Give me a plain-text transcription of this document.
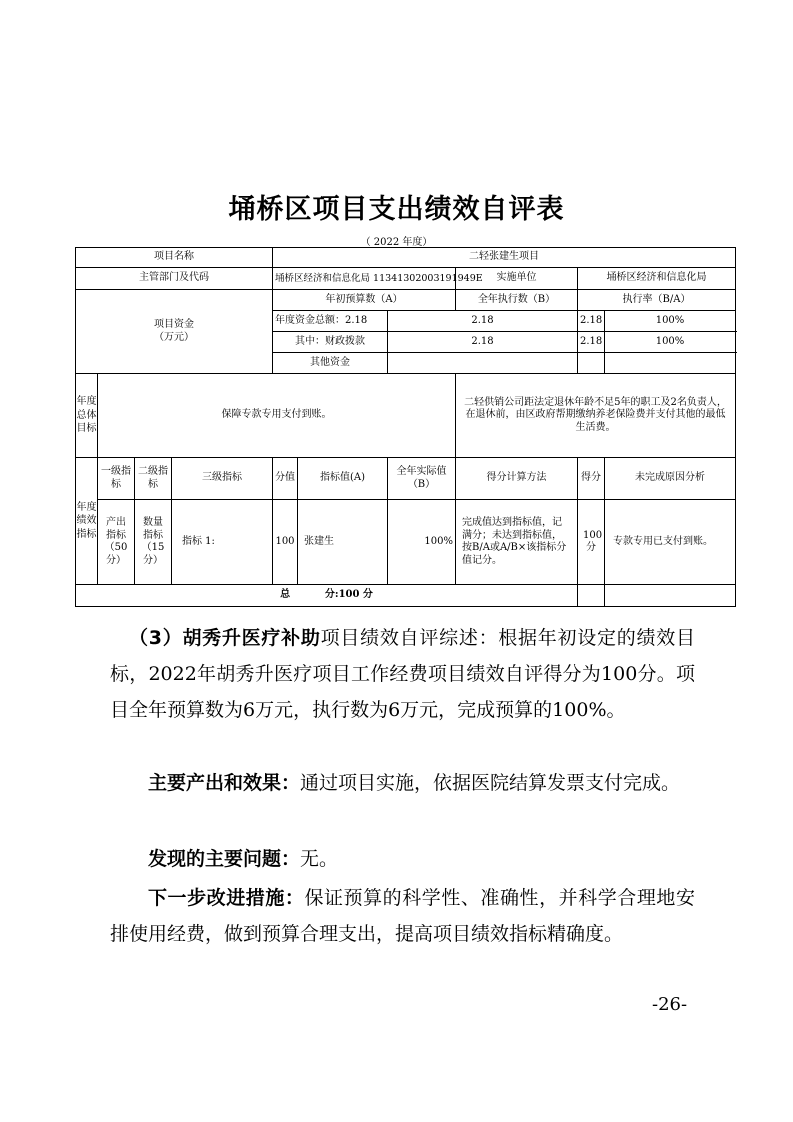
埇桥区项目支出绩效自评表
（ 2022 年度）
项目名称				二轻张建生项目					
主管部门及代码				埇桥区经济和信息化局 113413020031919​49E			实施单位	埇桥区经济和信息化局	

项目资金
（万元）				年初预算数（A）			全年执行数（B）	执行率（B/A）	
				年度资金总额：2.18		2.18		2.18	100%
				其中：财政拨款		2.18		2.18	100%
				其他资金					
年度总体目标	保障专款专用支付到账。						二轻供销公司距法定退休年龄不足5年的职工及2名负责人，在退休前，由区政府帮期缴纳养老保险费并支付其他的最低生活费。		
年度绩效指标	一级指标	二级指标	三级指标	分值	指标值(A)	全年实际值（B）	得分计算方法	得分	未完成原因分析
	产出指标（50分）	数量指标（15分）	指标 1:	100	张建生	100%	完成值达到指标值，记满分；未达到指标值，按B/A或A/B×该指标分值记分。	100分	专款专用已支付到账。
总          分:100 分									

（3）胡秀升医疗补助项目绩效自评综述：根据年初设定的绩效目标，2022年胡秀升医疗项目工作经费项目绩效自评得分为100分。项目全年预算数为6万元，执行数为6万元，完成预算的100%。

主要产出和效果：通过项目实施，依据医院结算发票支付完成。

发现的主要问题：无。

下一步改进措施：保证预算的科学性、准确性，并科学合理地安排使用经费，做到预算合理支出，提高项目绩效指标精确度。

-26-
